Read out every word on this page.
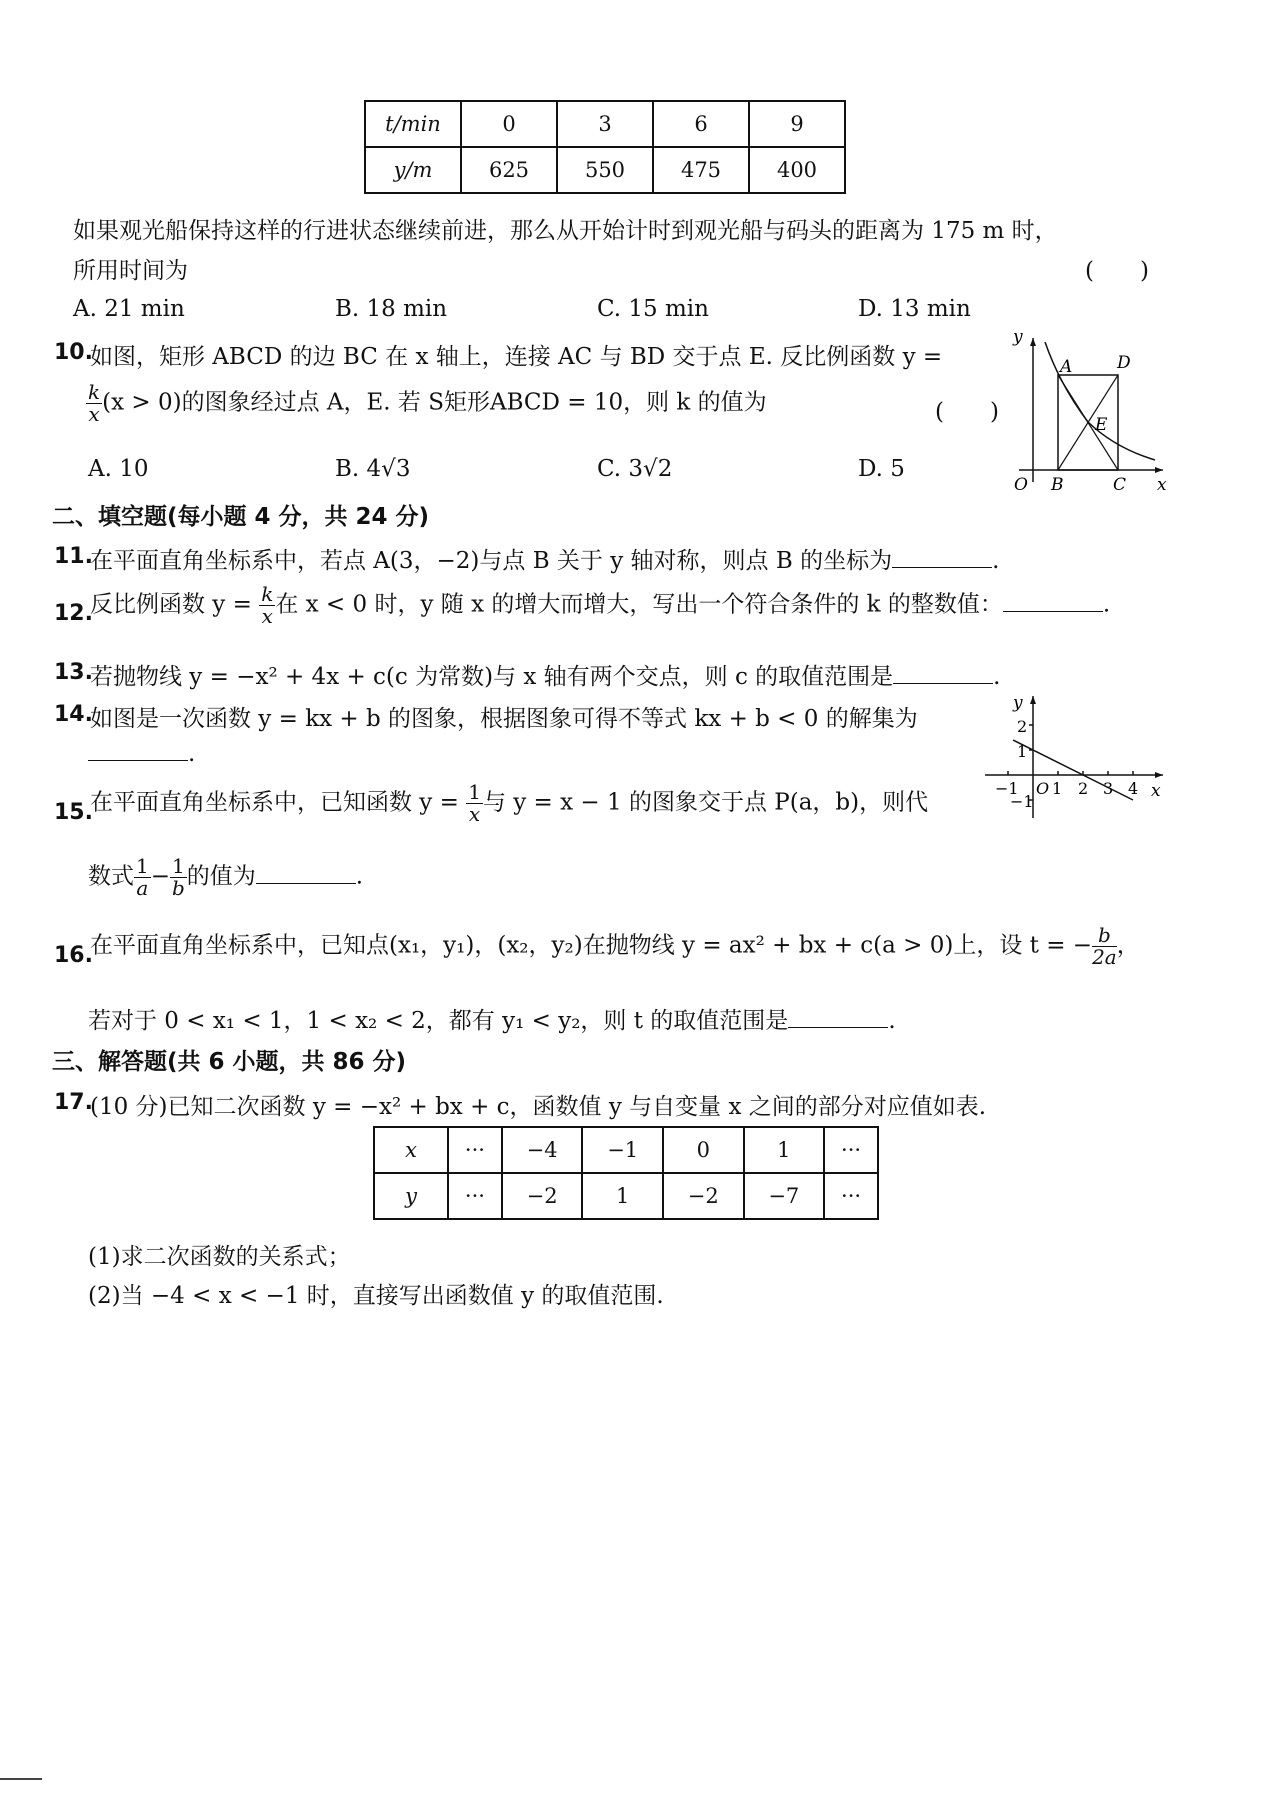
t/min	0	3	6	9
y/m	625	550	475	400
如果观光船保持这样的行进状态继续前进，那么从开始计时到观光船与码头的距离为 175 m 时，
所用时间为	(　　)
A. 21 min	B. 18 min	C. 15 min	D. 13 min
10.
如图，矩形 ABCD 的边 BC 在 x 轴上，连接 AC 与 BD 交于点 E. 反比例函数 y =
$\frac{k}{x} (x > 0)$的图象经过点 A，E. 若 S矩形ABCD = 10，则 k 的值为	(　　)
A. 10	B. 4√3	C. 3√2	D. 5
y
x
O B	C
A	D
E
二、填空题(每小题 4 分，共 24 分)
11.
在平面直角坐标系中，若点 A(3，−2)与点 B 关于 y 轴对称，则点 B 的坐标为	.
12.
反比例函数 $y = \frac{k}{x}$ 在 x < 0 时，y 随 x 的增大而增大，写出一个符合条件的 k 的整数值：	.
13.
若抛物线 y = −x² + 4x + c(c 为常数)与 x 轴有两个交点，则 c 的取值范围是	.
14.
如图是一次函数 y = kx + b 的图象，根据图象可得不等式 kx + b < 0 的解集为
.
y
x
2
1
−1
−1 O 1 2 3 4
15.
在平面直角坐标系中，已知函数 $y = \frac{1}{x}$ 与 y = x − 1 的图象交于点 P(a，b)，则代
数式 $\frac{1}{a} - \frac{1}{b}$ 的值为	.
16.
在平面直角坐标系中，已知点(x₁，y₁)，(x₂，y₂)在抛物线 y = ax² + bx + c(a > 0)上，设 t = − $\frac{b}{2a}$ ，
若对于 0 < x₁ < 1，1 < x₂ < 2，都有 y₁ < y₂，则 t 的取值范围是	.
三、解答题(共 6 小题，共 86 分)
17.
(10 分)已知二次函数 y = −x² + bx + c，函数值 y 与自变量 x 之间的部分对应值如表.
x	···	−4	−1	0	1	···
y	···	−2	1	−2	−7	···
(1)求二次函数的关系式；
(2)当 −4 < x < −1 时，直接写出函数值 y 的取值范围.
